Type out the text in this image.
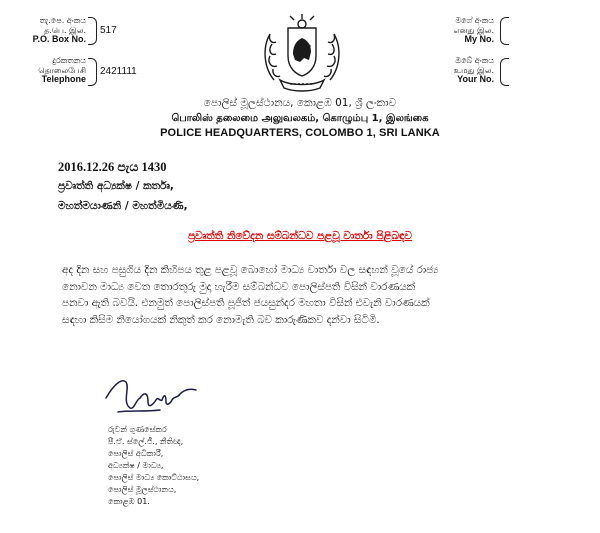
තැ.පෙ. අංකය
த.பெ. இல.
P.O. Box No.
517
දුරකතනය
தொலைபேசி
Telephone
2421111
මගේ අංකය
எனது இல.
My No.
ඔබේ අංකය
உமது இல.
Your No.
පොලිස් මූලස්ථානය, කොළඹ 01, ශ්‍රී ලංකාව
பொலிஸ் தலைமை அலுவலகம், கொழும்பு 1, இலங்கை
POLICE HEADQUARTERS, COLOMBO 1, SRI LANKA
2016.12.26 පැය 1430
ප්‍රවෘත්ති අධ්‍යක්ෂ / කර්තෘ,
මහත්මයාණනි / මහත්මියණි,
ප්‍රවෘත්ති නිවේදන සම්බන්ධව පළවූ වාර්තා පිළිබඳව
අද දින සහ පසුගිය දින කිහිපය තුළ පළවූ බොහෝ මාධ්‍ය වාර්තා වල සඳහන් වූයේ රාජ්‍ය
නොවන මාධ්‍ය වෙත තොරතුරු මුදා හැරීම සම්බන්ධව පොලිස්පති විසින් වාරණයක්
පනවා ඇති බවයි. එනමුත් පොලිස්පති පූජිත් ජයසුන්දර මහතා විසින් එවැනි වාරණයක්
සඳහා කිසිම නියෝගයක් නිකුත් කර නොමැති බව කාරුණිකව දන්වා සිටිමි.
රුවන් ගුණසේකර
පී.ඒ. ස්ලේ.ජී., නීතිඥ,
පොලිස් අධිකාරී,
අධ්‍යක්ෂ / මාධ්‍ය,
පොලිස් මාධ්‍ය කොට්ඨාසය,
පොලිස් මූලස්ථානය,
කොළඹ 01.
